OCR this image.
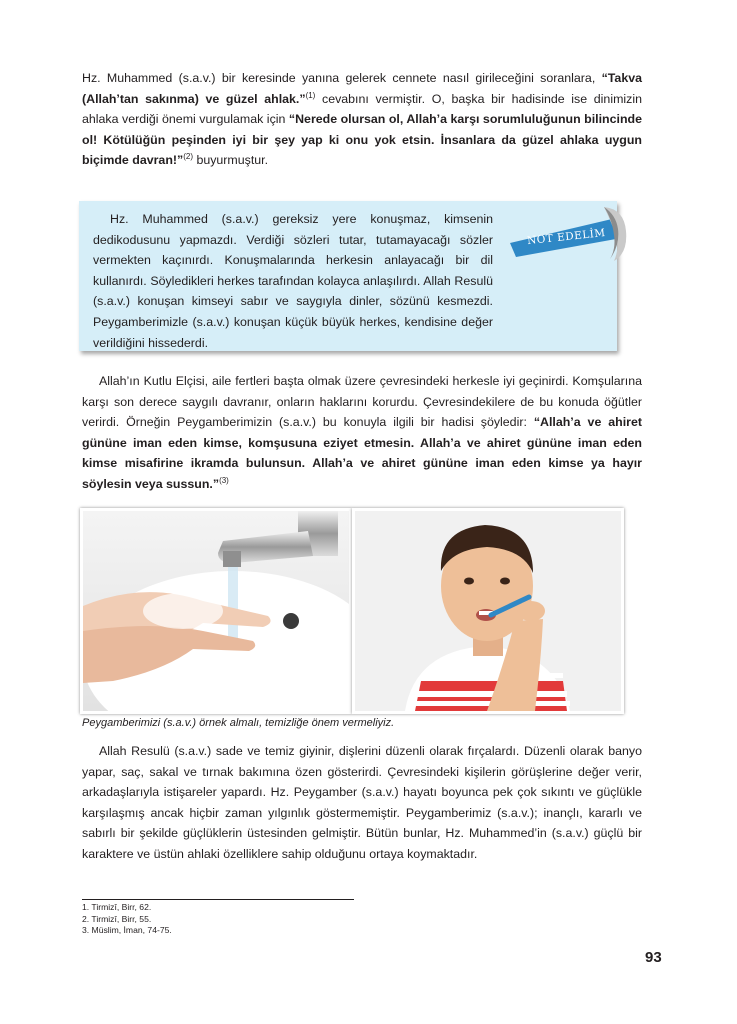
Hz. Muhammed (s.a.v.) bir keresinde yanına gelerek cennete nasıl girileceğini soranlara, “Takva (Allah’tan sakınma) ve güzel ahlak.”$^{(1)}$ cevabını vermiştir. O, başka bir hadisinde ise dinimizin ahlaka verdiği önemi vurgulamak için “Nerede olursan ol, Allah’a karşı sorumluluğunun bilincinde ol! Kötülüğün peşinden iyi bir şey yap ki onu yok etsin. İnsanlara da güzel ahlaka uygun biçimde davran!”$^{(2)}$ buyurmuştur.

Hz. Muhammed (s.a.v.) gereksiz yere konuşmaz, kimsenin dedikodusunu yapmazdı. Verdiği sözleri tutar, tutamayacağı sözler vermekten kaçınırdı. Konuşmalarında herkesin anlayacağı bir dil kullanırdı. Söyledikleri herkes tarafından kolayca anlaşılırdı. Allah Resulü (s.a.v.) konuşan kimseyi sabır ve saygıyla dinler, sözünü kesmezdi. Peygamberimizle (s.a.v.) konuşan küçük büyük herkes, kendisine değer verildiğini hissederdi.

NOT EDELİM

Allah’ın Kutlu Elçisi, aile fertleri başta olmak üzere çevresindeki herkesle iyi geçinirdi. Komşularına karşı son derece saygılı davranır, onların haklarını korurdu. Çevresindekilere de bu konuda öğütler verirdi. Örneğin Peygamberimizin (s.a.v.) bu konuyla ilgili bir hadisi şöyledir: “Allah’a ve ahiret gününe iman eden kimse, komşusuna eziyet etmesin. Allah’a ve ahiret gününe iman eden kimse misafirine ikramda bulunsun. Allah’a ve ahiret gününe iman eden kimse ya hayır söylesin veya sussun.”$^{(3)}$

Peygamberimizi (s.a.v.) örnek almalı, temizliğe önem vermeliyiz.

Allah Resulü (s.a.v.) sade ve temiz giyinir, dişlerini düzenli olarak fırçalardı. Düzenli olarak banyo yapar, saç, sakal ve tırnak bakımına özen gösterirdi. Çevresindeki kişilerin görüşlerine değer verir, arkadaşlarıyla istişareler yapardı. Hz. Peygamber (s.a.v.) hayatı boyunca pek çok sıkıntı ve güçlükle karşılaşmış ancak hiçbir zaman yılgınlık göstermemiştir. Peygamberimiz (s.a.v.); inançlı, kararlı ve sabırlı bir şekilde güçlüklerin üstesinden gelmiştir. Bütün bunlar, Hz. Muhammed’in (s.a.v.) güçlü bir karaktere ve üstün ahlaki özelliklere sahip olduğunu ortaya koymaktadır.

1. Tirmizî, Birr, 62.
2. Tirmizî, Birr, 55.
3. Müslim, İman, 74-75.
93
